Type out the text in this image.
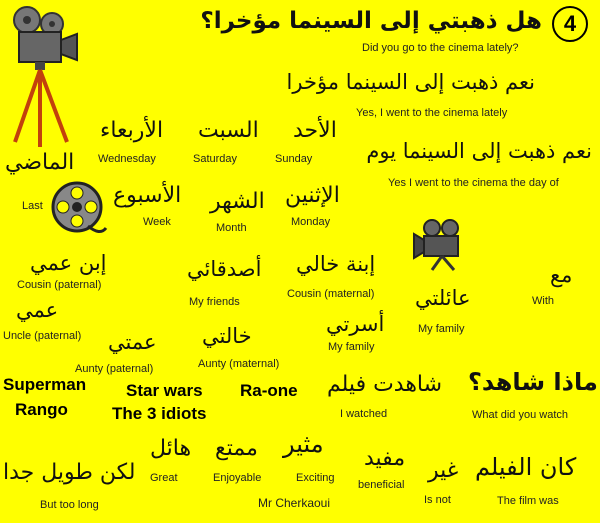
4
هل ذهبتي إلى السينما مؤخرا؟
Did you go to the cinema lately?
نعم ذهبت إلى السينما مؤخرا
Yes, I went to the cinema lately
الأربعاء
Wednesday
السبت
Saturday
الأحد
Sunday	نعم ذهبت إلى السينما يوم
Yes I went to the cinema the day of
الماضي
Last	الأسبوع
Week
الشهر
Month
الإثنين
Monday
إبن عمي
Cousin (paternal)
أصدقائي
My friends
إبنة خالي
Cousin (maternal)
مع
With
عمي
Uncle (paternal)
عائلتي
My family
أسرتي
My family
عمتي
Aunty (paternal)
خالتي
Aunty (maternal)
Superman
Rango
Star wars
The 3 idiots
Ra-one شاهدت فيلم
I watched
ماذا شاهد؟
What did you watch
هائل
Great
ممتع
Enjoyable
مثير
Exciting
مفيد
beneficial
غير
Is not
كان الفيلم
The film was
لكن طويل جدا
But too long	Mr Cherkaoui
